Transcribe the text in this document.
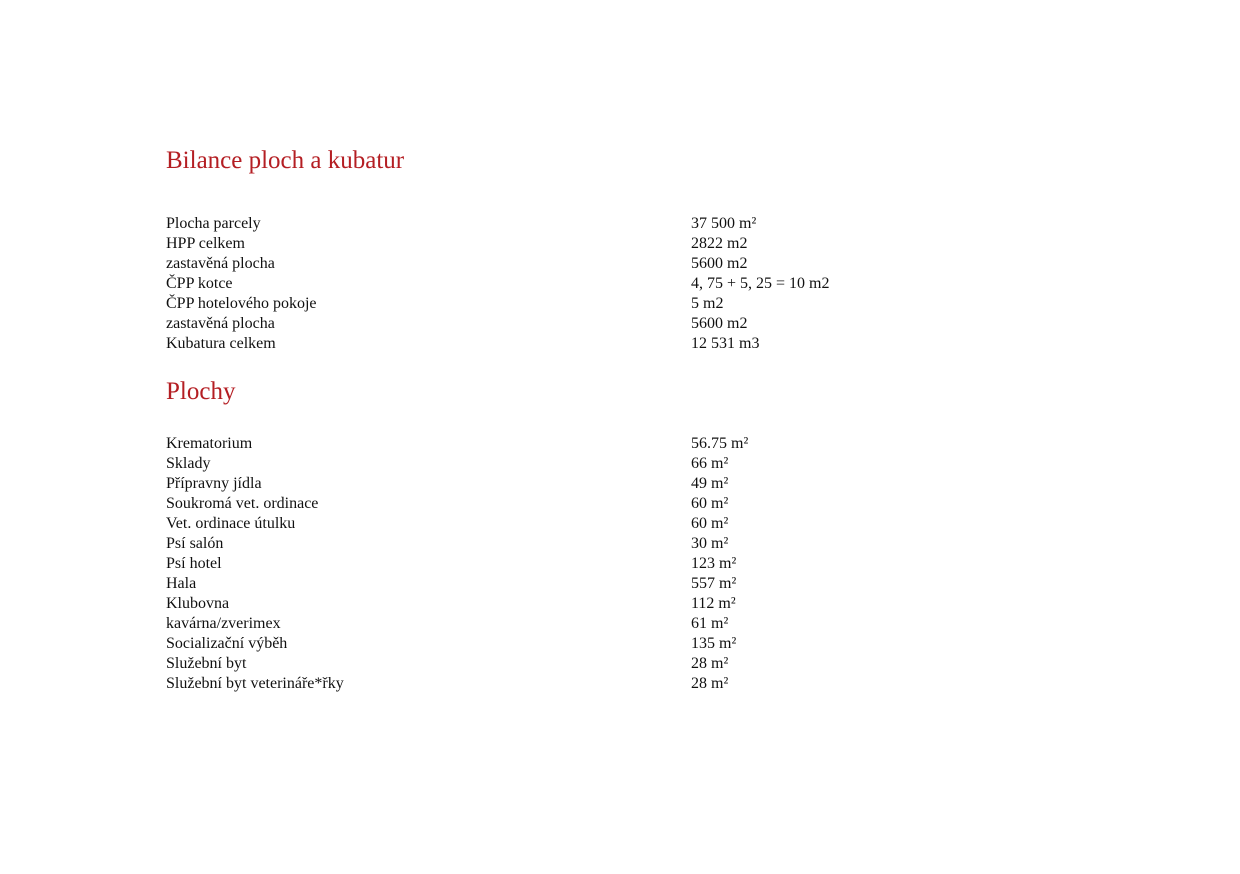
Bilance ploch a kubatur
Plocha parcely	37 500 m²
HPP celkem	2822 m2
zastavěná plocha	5600 m2
ČPP kotce	4, 75 + 5, 25 = 10 m2
ČPP hotelového pokoje	5 m2
zastavěná plocha	5600 m2
Kubatura celkem	12 531 m3
Plochy
Krematorium	56.75 m²
Sklady	66 m²
Přípravny jídla	49 m²
Soukromá vet. ordinace	60 m²
Vet. ordinace útulku	60 m²
Psí salón	30 m²
Psí hotel	123 m²
Hala	557 m²
Klubovna	112 m²
kavárna/zverimex	61 m²
Socializační výběh	135 m²
Služební byt	28 m²
Služební byt veterináře*řky	28 m²
